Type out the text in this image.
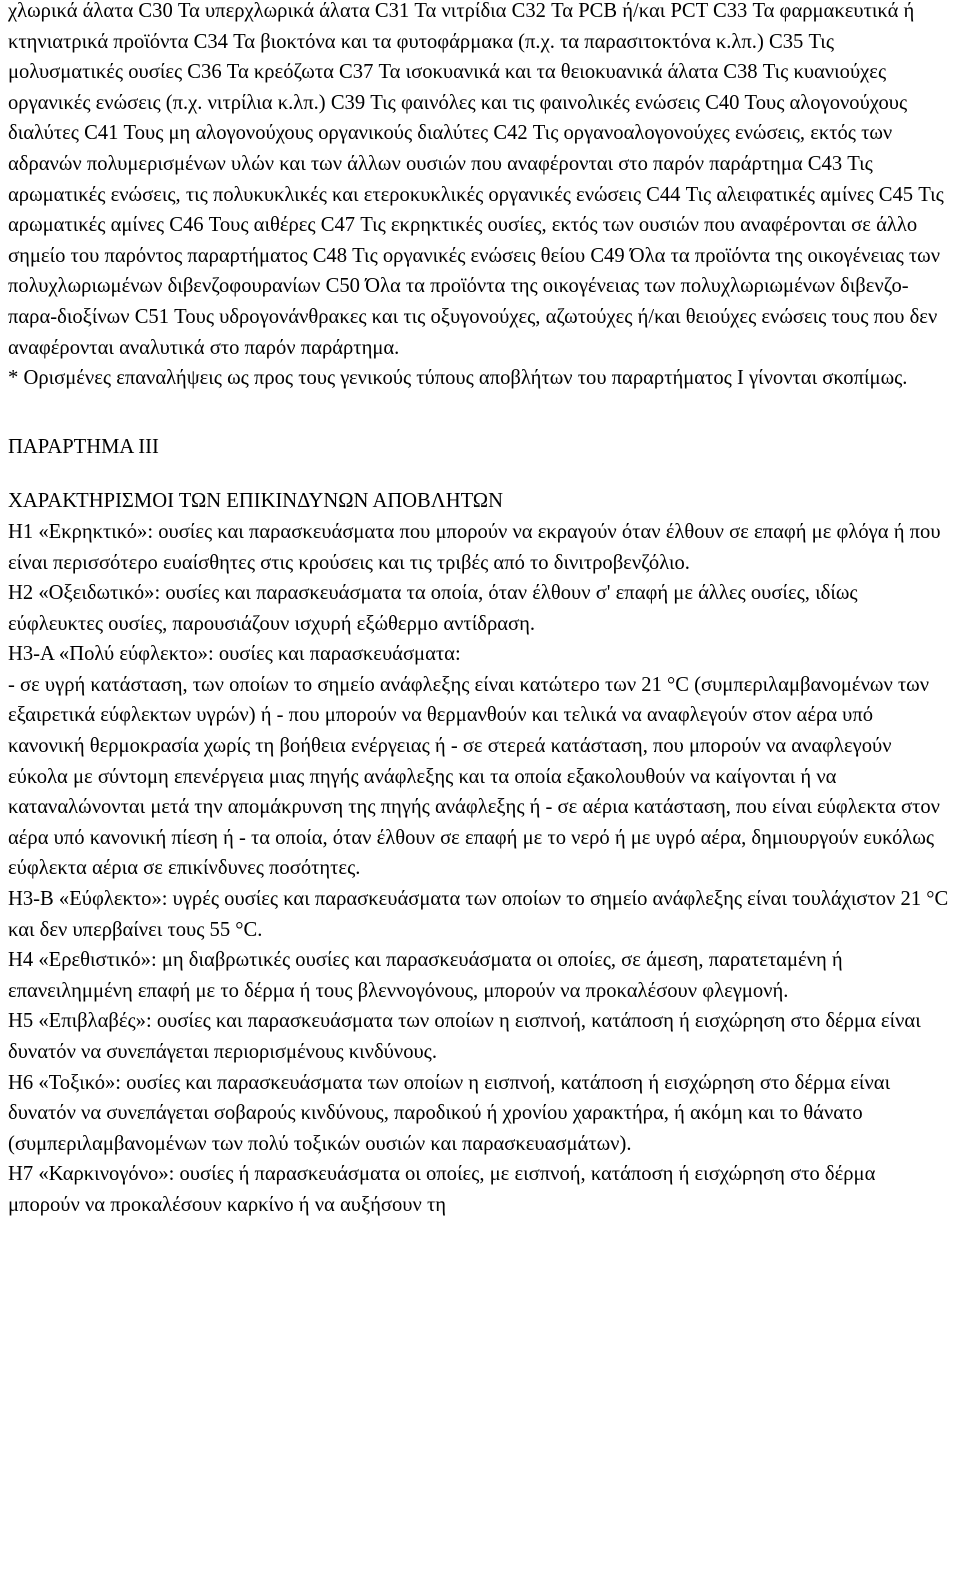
χλωρικά άλατα C30 Τα υπερχλωρικά άλατα C31 Τα νιτρίδια C32 Τα PCB ή/και PCT C33 Τα φαρμακευτικά ή κτηνιατρικά προϊόντα C34 Τα βιοκτόνα και τα φυτοφάρμακα (π.χ. τα παρασιτοκτόνα κ.λπ.) C35 Τις μολυσματικές ουσίες C36 Τα κρεόζωτα C37 Τα ισοκυανικά και τα θειοκυανικά άλατα C38 Τις κυανιούχες οργανικές ενώσεις (π.χ. νιτρίλια κ.λπ.) C39 Τις φαινόλες και τις φαινολικές ενώσεις C40 Τους αλογονούχους διαλύτες C41 Τους μη αλογονούχους οργανικούς διαλύτες C42 Τις οργανοαλογονούχες ενώσεις, εκτός των αδρανών πολυμερισμένων υλών και των άλλων ουσιών που αναφέρονται στο παρόν παράρτημα C43 Τις αρωματικές ενώσεις, τις πολυκυκλικές και ετεροκυκλικές οργανικές ενώσεις C44 Τις αλειφατικές αμίνες C45 Τις αρωματικές αμίνες C46 Τους αιθέρες C47 Τις εκρηκτικές ουσίες, εκτός των ουσιών που αναφέρονται σε άλλο σημείο του παρόντος παραρτήματος C48 Τις οργανικές ενώσεις θείου C49 Όλα τα προϊόντα της οικογένειας των πολυχλωριωμένων διβενζοφουρανίων C50 Όλα τα προϊόντα της οικογένειας των πολυχλωριωμένων διβενζο-παρα-διοξίνων C51 Τους υδρογονάνθρακες και τις οξυγονούχες, αζωτούχες ή/και θειούχες ενώσεις τους που δεν αναφέρονται αναλυτικά στο παρόν παράρτημα.

* Ορισμένες επαναλήψεις ως προς τους γενικούς τύπους αποβλήτων του παραρτήματος Ι γίνονται σκοπίμως.

ΠΑΡΑΡΤΗΜΑ ΙΙΙ

ΧΑΡΑΚΤΗΡΙΣΜΟΙ ΤΩΝ ΕΠΙΚΙΝΔΥΝΩΝ ΑΠΟΒΛΗΤΩΝ

Η1 «Εκρηκτικό»: ουσίες και παρασκευάσματα που μπορούν να εκραγούν όταν έλθουν σε επαφή με φλόγα ή που είναι περισσότερο ευαίσθητες στις κρούσεις και τις τριβές από το δινιτροβενζόλιο.

Η2 «Οξειδωτικό»: ουσίες και παρασκευάσματα τα οποία, όταν έλθουν σ' επαφή με άλλες ουσίες, ιδίως εύφλευκτες ουσίες, παρουσιάζουν ισχυρή εξώθερμο αντίδραση.

Η3-Α «Πολύ εύφλεκτο»: ουσίες και παρασκευάσματα:

- σε υγρή κατάσταση, των οποίων το σημείο ανάφλεξης είναι κατώτερο των 21 °C (συμπεριλαμβανομένων των εξαιρετικά εύφλεκτων υγρών) ή - που μπορούν να θερμανθούν και τελικά να αναφλεγούν στον αέρα υπό κανονική θερμοκρασία χωρίς τη βοήθεια ενέργειας ή - σε στερεά κατάσταση, που μπορούν να αναφλεγούν εύκολα με σύντομη επενέργεια μιας πηγής ανάφλεξης και τα οποία εξακολουθούν να καίγονται ή να καταναλώνονται μετά την απομάκρυνση της πηγής ανάφλεξης ή - σε αέρια κατάσταση, που είναι εύφλεκτα στον αέρα υπό κανονική πίεση ή - τα οποία, όταν έλθουν σε επαφή με το νερό ή με υγρό αέρα, δημιουργούν ευκόλως εύφλεκτα αέρια σε επικίνδυνες ποσότητες.

Η3-Β «Εύφλεκτο»: υγρές ουσίες και παρασκευάσματα των οποίων το σημείο ανάφλεξης είναι τουλάχιστον 21 °C και δεν υπερβαίνει τους 55 °C.

Η4 «Ερεθιστικό»: μη διαβρωτικές ουσίες και παρασκευάσματα οι οποίες, σε άμεση, παρατεταμένη ή επανειλημμένη επαφή με το δέρμα ή τους βλεννογόνους, μπορούν να προκαλέσουν φλεγμονή.

Η5 «Επιβλαβές»: ουσίες και παρασκευάσματα των οποίων η εισπνοή, κατάποση ή εισχώρηση στο δέρμα είναι δυνατόν να συνεπάγεται περιορισμένους κινδύνους.

Η6 «Τοξικό»: ουσίες και παρασκευάσματα των οποίων η εισπνοή, κατάποση ή εισχώρηση στο δέρμα είναι δυνατόν να συνεπάγεται σοβαρούς κινδύνους, παροδικού ή χρονίου χαρακτήρα, ή ακόμη και το θάνατο (συμπεριλαμβανομένων των πολύ τοξικών ουσιών και παρασκευασμάτων).

Η7 «Καρκινογόνο»: ουσίες ή παρασκευάσματα οι οποίες, με εισπνοή, κατάποση ή εισχώρηση στο δέρμα μπορούν να προκαλέσουν καρκίνο ή να αυξήσουν τη
